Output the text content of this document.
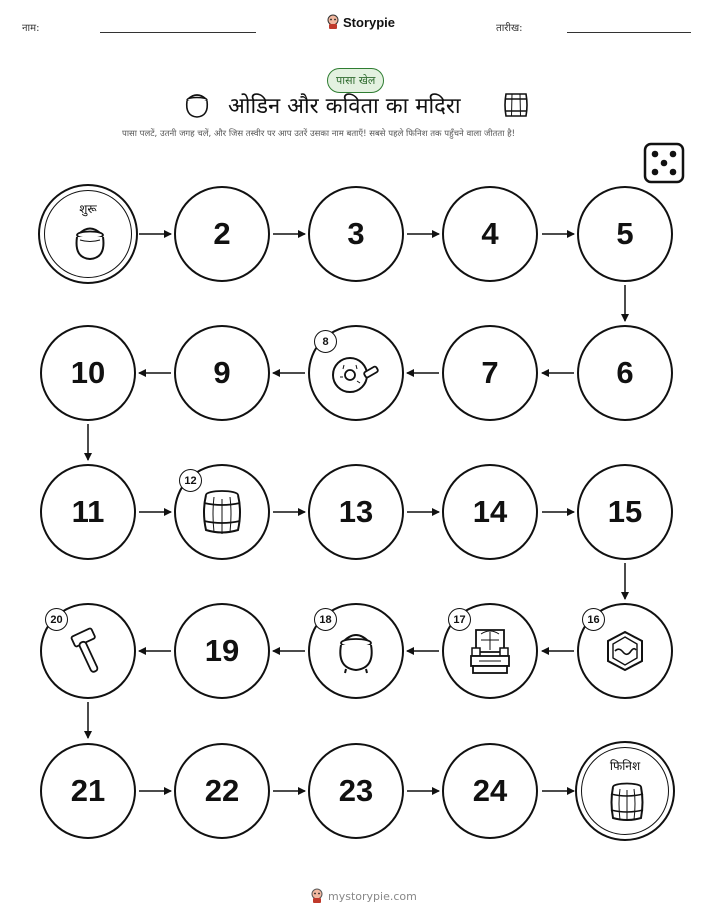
नाम:	Storypie	तारीख:
पासा खेल
ओडिन और कविता का मदिरा
पासा पलटें, उतनी जगह चलें, और जिस तस्वीर पर आप उतरें उसका नाम बताएँ! सबसे पहले फिनिश तक पहुँचने वाला जीतता है!
शुरू
2	3	4	5
10	9
8
7	6
11
12
13	14	15
20
19
18	17	16
21	22	23	24
फिनिश
mystorypie.com
